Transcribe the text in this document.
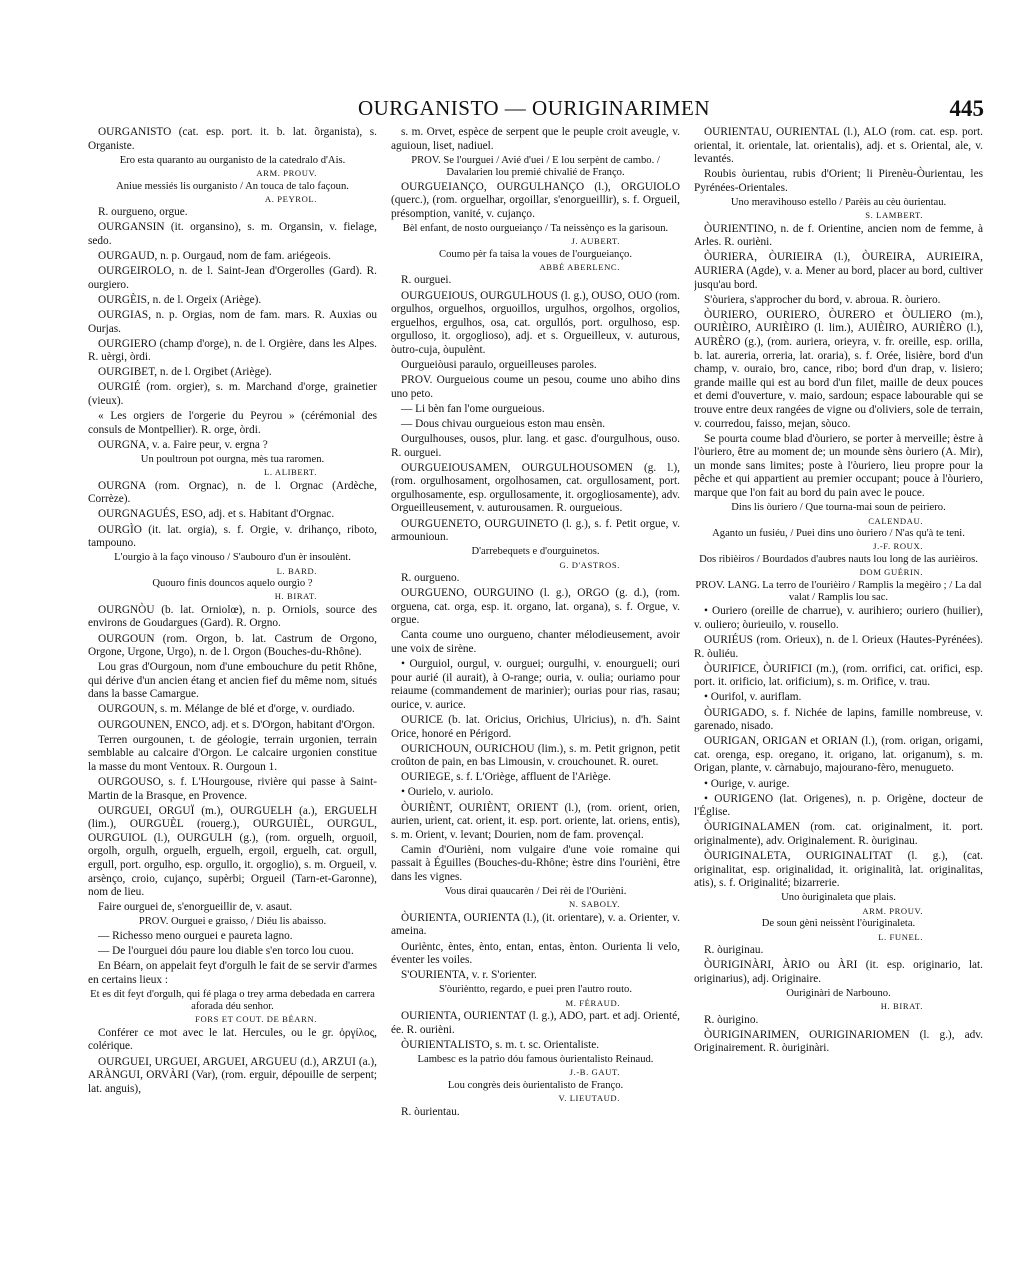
OURGANISTO — OURIGINARIMEN	445

OURGANISTO (cat. esp. port. it. b. lat. õrganista), s. Organiste.

Ero esta quaranto au ourganisto de la catedralo d'Ais.
ARM. PROUV.

Aniue messiés lis ourganisto / An touca de talo façoun.
A. PEYROL.

R. ourgueno, orgue.

OURGANSIN (it. organsino), s. m. Organsin, v. fielage, sedo.

OURGAUD, n. p. Ourgaud, nom de fam. ariégeois.

OURGEIROLO, n. de l. Saint-Jean d'Orgerolles (Gard). R. ourgiero.

OURGÈIS, n. de l. Orgeix (Ariège).

OURGIAS, n. p. Orgias, nom de fam. mars. R. Auxias ou Ourjas.

OURGIERO (champ d'orge), n. de l. Orgière, dans les Alpes. R. uèrgi, òrdi.

OURGIBET, n. de l. Orgibet (Ariège).

OURGIÉ (rom. orgier), s. m. Marchand d'orge, grainetier (vieux).

« Les orgiers de l'orgerie du Peyrou » (cérémonial des consuls de Montpellier). R. orge, òrdi.

OURGNA, v. a. Faire peur, v. ergna ?

Un poultroun pot ourgna, mès tua raromen.
L. ALIBERT.

OURGNA (rom. Orgnac), n. de l. Orgnac (Ardèche, Corrèze).

OURGNAGUÉS, ESO, adj. et s. Habitant d'Orgnac.

OURGÌO (it. lat. orgia), s. f. Orgie, v. drihanço, riboto, tampouno.

L'ourgìo à la faço vinouso / S'aubouro d'un èr insoulènt.
L. BARD.

Quouro finis douncos aquelo ourgìo ?
H. BIRAT.

OURGNÒU (b. lat. Orniolœ), n. p. Orniols, source des environs de Goudargues (Gard). R. Orgno.

OURGOUN (rom. Orgon, b. lat. Castrum de Orgono, Orgone, Urgone, Urgo), n. de l. Orgon (Bouches-du-Rhône).

Lou gras d'Ourgoun, nom d'une embouchure du petit Rhône, qui dérive d'un ancien étang et ancien fief du même nom, situés dans la basse Camargue.

OURGOUN, s. m. Mélange de blé et d'orge, v. ourdiado.

OURGOUNEN, ENCO, adj. et s. D'Orgon, habitant d'Orgon.

Terren ourgounen, t. de géologie, terrain urgonien, terrain semblable au calcaire d'Orgon. Le calcaire urgonien constitue la masse du mont Ventoux. R. Ourgoun 1.

OURGOUSO, s. f. L'Hourgouse, rivière qui passe à Saint-Martin de la Brasque, en Provence.

OURGUEI, ORGUÏ (m.), OURGUELH (a.), ERGUELH (lim.), OURGUÈL (rouerg.), OURGUIÈL, OURGUL, OURGUIOL (l.), OURGULH (g.), (rom. orguelh, orguoil, orgolh, orgulh, orguelh, erguelh, ergoil, erguelh, cat. orgull, ergull, port. orgulho, esp. orgullo, it. orgoglio), s. m. Orgueil, v. arsènço, croio, cujanço, supèrbi; Orgueil (Tarn-et-Garonne), nom de lieu.

Faire ourguei de, s'enorgueillir de, v. asaut.

PROV. Ourguei e graisso, / Diéu lis abaisso.

— Richesso meno ourguei e paureta lagno.

— De l'ourguei dóu paure lou diable s'en torco lou cuou.

En Béarn, on appelait feyt d'orgulh le fait de se servir d'armes en certains lieux :

Et es dit feyt d'orgulh, qui fé plaga o trey arma debedada en carrera aforada déu senhor.
FORS ET COUT. DE BÉARN.

Conférer ce mot avec le lat. Hercules, ou le gr. ὀργίλος, colérique.

OURGUEI, URGUEI, ARGUEI, ARGUEU (d.), ARZUI (a.), ARÀNGUI, ORVÀRI (Var), (rom. erguir, dépouille de serpent; lat. anguis),

s. m. Orvet, espèce de serpent que le peuple croit aveugle, v. aguioun, liset, nadiuel.

PROV. Se l'ourguei / Avié d'uei / E lou serpènt de cambo. / Davalarien lou premié chivalié de Franço.

OURGUEIANÇO, OURGULHANÇO (l.), ORGUIOLO (querc.), (rom. orguelhar, orgoillar, s'enorgueillir), s. f. Orgueil, présomption, vanité, v. cujanço.

Bèl enfant, de nosto ourgueianço / Ta neissènço es la garisoun.
J. AUBERT.

Coumo pèr fa taisa la voues de l'ourgueianço.
ABBÉ ABERLENC.

R. ourguei.

OURGUEIOUS, OURGULHOUS (l. g.), OUSO, OUO (rom. orgulhos, orguelhos, orguoillos, urgulhos, orgolhos, orgolios, erguelhos, ergulhos, osa, cat. orgullós, port. orgulhoso, esp. orgulloso, it. orgoglioso), adj. et s. Orgueilleux, v. auturous, òutro-cuja, òupulènt.

Ourgueiòusi paraulo, orgueilleuses paroles.

PROV. Ourgueious coume un pesou, coume uno abiho dins uno peto.

— Li bèn fan l'ome ourgueious.

— Dous chivau ourgueious eston mau ensèn.

Ourgulhouses, ousos, plur. lang. et gasc. d'ourgulhous, ouso. R. ourguei.

OURGUEIOUSAMEN, OURGULHOUSOMEN (g. l.), (rom. orgulhosament, orgolhosamen, cat. orgullosament, port. orgulhosamente, esp. orgullosamente, it. orgogliosamente), adv. Orgueilleusement, v. auturousamen. R. ourgueious.

OURGUENETO, OURGUINETO (l. g.), s. f. Petit orgue, v. armounioun.

D'arrebequets e d'ourguinetos.
G. D'ASTROS.

R. ourgueno.

OURGUENO, OURGUINO (l. g.), ORGO (g. d.), (rom. orguena, cat. orga, esp. it. organo, lat. organa), s. f. Orgue, v. orgue.

Canta coume uno ourgueno, chanter mélodieusement, avoir une voix de sirène.

• Ourguiol, ourgul, v. ourguei; ourgulhi, v. enourgueli; ouri pour aurié (il aurait), à O-range; ouria, v. oulia; ouriamo pour reiaume (commandement de marinier); ourias pour rias, rasau; ourice, v. aurice.

OURICE (b. lat. Oricius, Orichius, Ulricius), n. d'h. Saint Orice, honoré en Périgord.

OURICHOUN, OURICHOU (lim.), s. m. Petit grignon, petit croûton de pain, en bas Limousin, v. crouchounet. R. ouret.

OURIEGE, s. f. L'Oriège, affluent de l'Ariège.

• Ourielo, v. auriolo.

ÒURIÈNT, OURIÈNT, ORIENT (l.), (rom. orient, orien, aurien, urient, cat. orient, it. esp. port. oriente, lat. oriens, entis), s. m. Orient, v. levant; Dourien, nom de fam. provençal.

Camin d'Ourièni, nom vulgaire d'une voie romaine qui passait à Éguilles (Bouches-du-Rhône; èstre dins l'ourièni, être dans les vignes.

Vous dirai quaucarèn / Dei rèi de l'Ourièni.
N. SABOLY.

ÒURIENTA, OURIENTA (l.), (it. orientare), v. a. Orienter, v. ameina.

Ourièntc, èntes, ènto, entan, entas, ènton. Ourienta li velo, éventer les voiles.

S'OURIENTA, v. r. S'orienter.

S'òurièntto, regardo, e puei pren l'autro routo.
M. FÉRAUD.

OURIENTA, OURIENTAT (l. g.), ADO, part. et adj. Orienté, ée. R. ourièni.

ÒURIENTALISTO, s. m. t. sc. Orientaliste.

Lambesc es la patrìo dóu famous òurientalisto Reinaud.
J.-B. GAUT.

Lou congrès deis òurientalisto de Franço.
V. LIEUTAUD.

R. òurientau.

ÒURIENTAU, OURIENTAL (l.), ALO (rom. cat. esp. port. oriental, it. orientale, lat. orientalis), adj. et s. Oriental, ale, v. levantés.

Roubis òurientau, rubis d'Orient; li Pirenèu-Òurientau, les Pyrénées-Orientales.

Uno meravihouso estello / Parèis au cèu òurientau.
S. LAMBERT.

ÒURIENTINO, n. de f. Orientine, ancien nom de femme, à Arles. R. ourièni.

ÒURIERA, ÒURIEIRA (l.), ÒUREIRA, AURIEIRA, AURIERA (Agde), v. a. Mener au bord, placer au bord, cultiver jusqu'au bord.

S'òuriera, s'approcher du bord, v. abroua. R. òuriero.

ÒURIERO, OURIERO, ÒURERO et ÒULIERO (m.), OURIÈIRO, AURIÈIRO (l. lim.), AUIÈIRO, AURIÈRO (l.), AURÈRO (g.), (rom. auriera, orieyra, v. fr. oreille, esp. orilla, b. lat. aureria, orreria, lat. oraria), s. f. Orée, lisière, bord d'un champ, v. ouraio, bro, cance, ribo; bord d'un drap, v. lisiero; grande maille qui est au bord d'un filet, maille de deux pouces et demi d'ouverture, v. maio, sardoun; espace labourable qui se trouve entre deux rangées de vigne ou d'oliviers, sole de terrain, v. courredou, faisso, mejan, sòuco.

Se pourta coume blad d'òuriero, se porter à merveille; èstre à l'òuriero, être au moment de; un mounde sèns òuriero (A. Mir), un monde sans limites; poste à l'òuriero, lieu propre pour la pêche et qui appartient au premier occupant; pouce à l'òuriero, marque que l'on fait au bord du pain avec le pouce.

Dins lis òuriero / Que tourna-mai soun de peiriero.
CALENDAU.

Aganto un fusiéu, / Puei dins uno òuriero / N'as qu'à te teni.
J.-F. ROUX.

Dos ribièiros / Bourdados d'aubres nauts lou long de las aurièiros.
DOM GUÉRIN.

PROV. LANG. La terro de l'ourièiro / Ramplis la megèiro ; / La dal valat / Ramplis lou sac.

• Ouriero (oreille de charrue), v. aurihiero; ouriero (huilier), v. ouliero; òurieuilo, v. rousello.

OURIÉUS (rom. Orieux), n. de l. Orieux (Hautes-Pyrénées). R. òuliéu.

ÒURIFICE, ÒURIFICI (m.), (rom. orrifici, cat. orifici, esp. port. it. orificio, lat. orificium), s. m. Orifice, v. trau.

• Ourifol, v. auriflam.

ÒURIGADO, s. f. Nichée de lapins, famille nombreuse, v. garenado, nisado.

OURIGAN, ORIGAN et ORIAN (l.), (rom. origan, origami, cat. orenga, esp. oregano, it. origano, lat. origanum), s. m. Origan, plante, v. càrnabujo, majourano-fèro, menugueto.

• Ourige, v. aurige.

• OURIGENO (lat. Origenes), n. p. Origène, docteur de l'Église.

ÒURIGINALAMEN (rom. cat. originalment, it. port. originalmente), adv. Originalement. R. òuriginau.

ÒURIGINALETA, OURIGINALITAT (l. g.), (cat. originalitat, esp. originalidad, it. originalità, lat. originalitas, atis), s. f. Originalité; bizarrerie.

Uno òuriginaleta que plais.
ARM. PROUV.

De soun gèni neissènt l'òuriginaleta.
L. FUNEL.

R. òuriginau.

ÒURIGINÀRI, ÀRIO ou ÀRI (it. esp. originario, lat. originarius), adj. Originaire.

Ouriginàri de Narbouno.
H. BIRAT.

R. òurigino.

ÒURIGINARIMEN, OURIGINARIOMEN (l. g.), adv. Originairement. R. òuriginàri.
